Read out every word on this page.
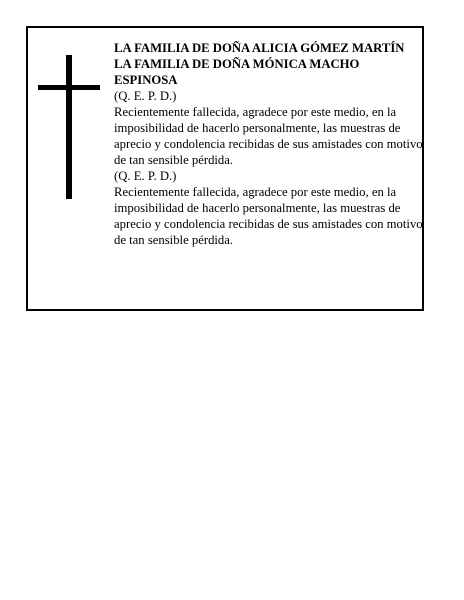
LA FAMILIA DE DOÑA ALICIA GÓMEZ MARTÍN LA FAMILIA DE DOÑA MÓNICA MACHO ESPINOSA

(Q. E. P. D.)

Recientemente fallecida, agradece por este medio, en la imposibilidad de hacerlo personalmente, las muestras de aprecio y condolencia recibidas de sus amistades con motivo de tan sensible pérdida.

(Q. E. P. D.)

Recientemente fallecida, agradece por este medio, en la imposibilidad de hacerlo personalmente, las muestras de aprecio y condolencia recibidas de sus amistades con motivo de tan sensible pérdida.
